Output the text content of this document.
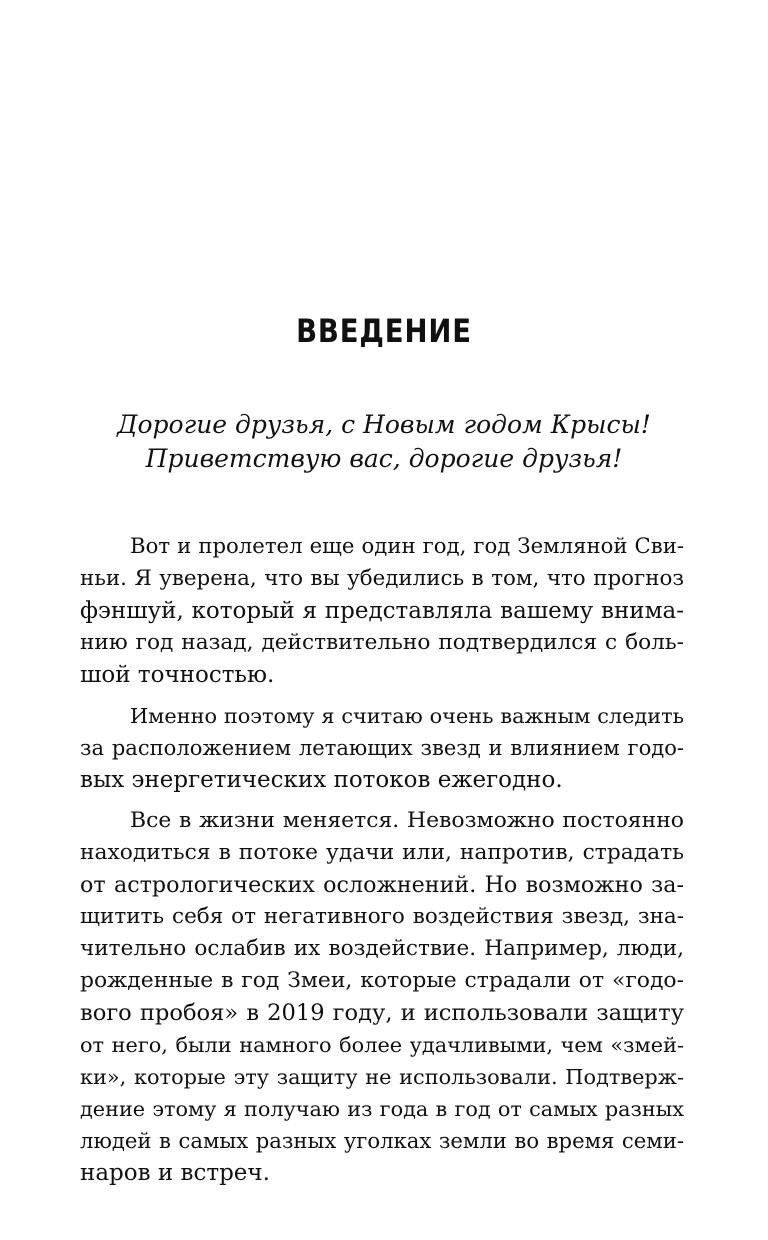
ВВЕДЕНИЕ
Дорогие друзья, с Новым годом Крысы!
Приветствую вас, дорогие друзья!
Вот и пролетел еще один год, год Земляной Сви-
ньи. Я уверена, что вы убедились в том, что прогноз
фэншуй, который я представляла вашему внима-
нию год назад, действительно подтвердился с боль-
шой точностью.
Именно поэтому я считаю очень важным следить
за расположением летающих звезд и влиянием годо-
вых энергетических потоков ежегодно.
Все в жизни меняется. Невозможно постоянно
находиться в потоке удачи или, напротив, страдать
от астрологических осложнений. Но возможно за-
щитить себя от негативного воздействия звезд, зна-
чительно ослабив их воздействие. Например, люди,
рожденные в год Змеи, которые страдали от «годо-
вого пробоя» в 2019 году, и использовали защиту
от него, были намного более удачливыми, чем «змей-
ки», которые эту защиту не использовали. Подтверж-
дение этому я получаю из года в год от самых разных
людей в самых разных уголках земли во время семи-
наров и встреч.
